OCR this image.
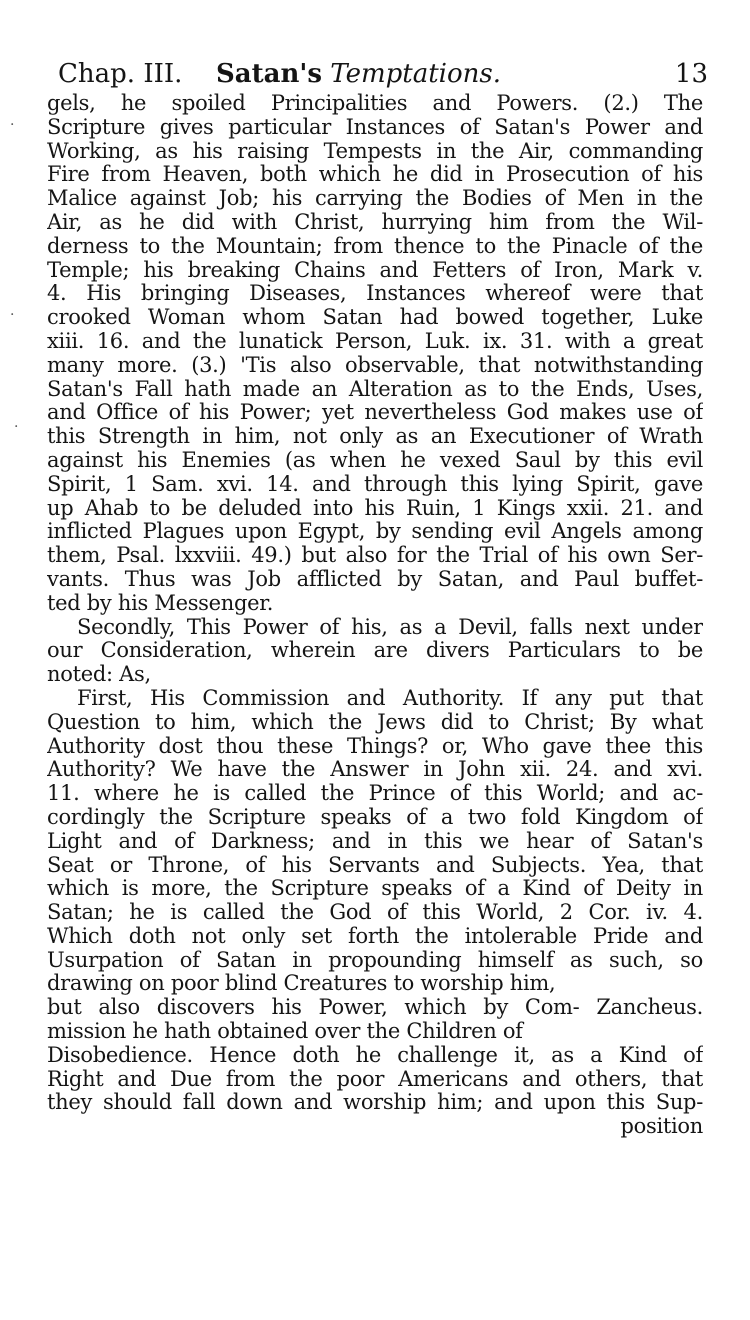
Chap. III. Satan's Temptations.	13
·
·
·
gels, he spoiled Principalities and Powers. (2.) The
Scripture gives particular Instances of Satan's Power and
Working, as his raising Tempests in the Air, commanding
Fire from Heaven, both which he did in Prosecution of his
Malice against Job; his carrying the Bodies of Men in the
Air, as he did with Christ, hurrying him from the Wil-
derness to the Mountain; from thence to the Pinacle of the
Temple; his breaking Chains and Fetters of Iron, Mark v.
4. His bringing Diseases, Instances whereof were that
crooked Woman whom Satan had bowed together, Luke
xiii. 16. and the lunatick Person, Luk. ix. 31. with a great
many more. (3.) 'Tis also observable, that notwithstanding
Satan's Fall hath made an Alteration as to the Ends, Uses,
and Office of his Power; yet nevertheless God makes use of
this Strength in him, not only as an Executioner of Wrath
against his Enemies (as when he vexed Saul by this evil
Spirit, 1 Sam. xvi. 14. and through this lying Spirit, gave
up Ahab to be deluded into his Ruin, 1 Kings xxii. 21. and
inflicted Plagues upon Egypt, by sending evil Angels among
them, Psal. lxxviii. 49.) but also for the Trial of his own Ser-
vants. Thus was Job afflicted by Satan, and Paul buffet-
ted by his Messenger.
Secondly, This Power of his, as a Devil, falls next under
our Consideration, wherein are divers Particulars to be
noted: As,
First, His Commission and Authority. If any put that
Question to him, which the Jews did to Christ; By what
Authority dost thou these Things? or, Who gave thee this
Authority? We have the Answer in John xii. 24. and xvi.
11. where he is called the Prince of this World; and ac-
cordingly the Scripture speaks of a two fold Kingdom of
Light and of Darkness; and in this we hear of Satan's
Seat or Throne, of his Servants and Subjects. Yea, that
which is more, the Scripture speaks of a Kind of Deity in
Satan; he is called the God of this World, 2 Cor. iv. 4.
Which doth not only set forth the intolerable Pride and
Usurpation of Satan in propounding himself as such, so
drawing on poor blind Creatures to worship him,
but also discovers his Power, which by Com- Zancheus.
mission he hath obtained over the Children of
Disobedience. Hence doth he challenge it, as a Kind of
Right and Due from the poor Americans and others, that
they should fall down and worship him; and upon this Sup-
position
